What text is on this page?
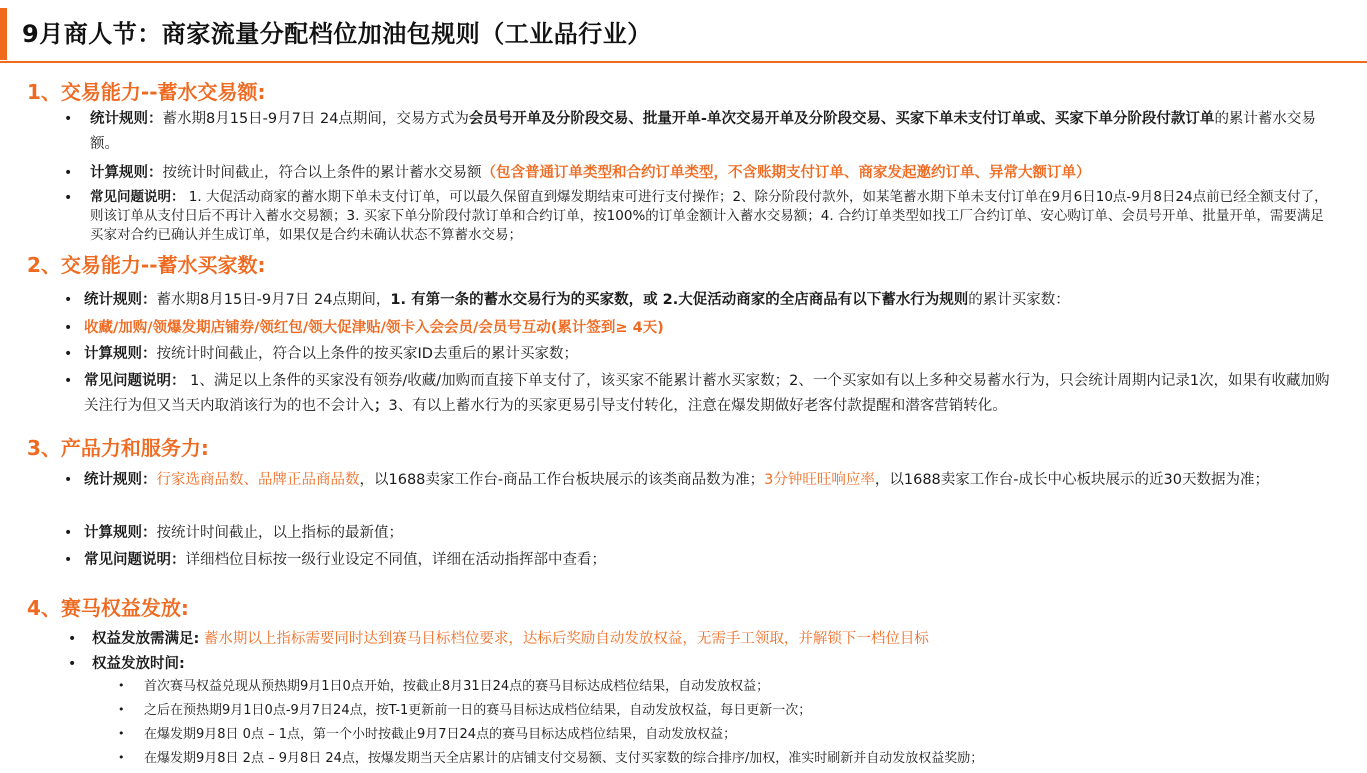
9月商人节：商家流量分配档位加油包规则（工业品行业）
1、交易能力--蓄水交易额:
• 统计规则：蓄水期8月15日-9月7日 24点期间，交易方式为会员号开单及分阶段交易、批量开单-单次交易开单及分阶段交易、买家下单未支付订单或、买家下单分阶段付款订单的累计蓄水交易额。
• 计算规则：按统计时间截止，符合以上条件的累计蓄水交易额（包含普通订单类型和合约订单类型，不含账期支付订单、商家发起邀约订单、异常大额订单）
• 常见问题说明： 1. 大促活动商家的蓄水期下单未支付订单，可以最久保留直到爆发期结束可进行支付操作；2、除分阶段付款外，如某笔蓄水期下单未支付订单在9月6日10点-9月8日24点前已经全额支付了，则该订单从支付日后不再计入蓄水交易额；3. 买家下单分阶段付款订单和合约订单，按100%的订单金额计入蓄水交易额；4. 合约订单类型如找工厂合约订单、安心购订单、会员号开单、批量开单，需要满足买家对合约已确认并生成订单，如果仅是合约未确认状态不算蓄水交易；
2、交易能力--蓄水买家数:
• 统计规则：蓄水期8月15日-9月7日 24点期间，1. 有第一条的蓄水交易行为的买家数，或 2.大促活动商家的全店商品有以下蓄水行为规则的累计买家数：
• 收藏/加购/领爆发期店铺券/领红包/领大促津贴/领卡入会会员/会员号互动(累计签到≥ 4天)
• 计算规则：按统计时间截止，符合以上条件的按买家ID去重后的累计买家数；
• 常见问题说明： 1、满足以上条件的买家没有领券/收藏/加购而直接下单支付了，该买家不能累计蓄水买家数；2、一个买家如有以上多种交易蓄水行为，只会统计周期内记录1次，如果有收藏加购关注行为但又当天内取消该行为的也不会计入；3、有以上蓄水行为的买家更易引导支付转化，注意在爆发期做好老客付款提醒和潜客营销转化。
3、产品力和服务力:
• 统计规则：行家选商品数、品牌正品商品数，以1688卖家工作台-商品工作台板块展示的该类商品数为准；3分钟旺旺响应率，以1688卖家工作台-成长中心板块展示的近30天数据为准；
• 计算规则：按统计时间截止，以上指标的最新值；
• 常见问题说明：详细档位目标按一级行业设定不同值，详细在活动指挥部中查看；
4、赛马权益发放:
• 权益发放需满足: 蓄水期以上指标需要同时达到赛马目标档位要求，达标后奖励自动发放权益，无需手工领取，并解锁下一档位目标
• 权益发放时间:
• 首次赛马权益兑现从预热期9月1日0点开始，按截止8月31日24点的赛马目标达成档位结果，自动发放权益；
• 之后在预热期9月1日0点-9月7日24点，按T-1更新前一日的赛马目标达成档位结果，自动发放权益，每日更新一次；
• 在爆发期9月8日 0点 – 1点，第一个小时按截止9月7日24点的赛马目标达成档位结果，自动发放权益；
• 在爆发期9月8日 2点 – 9月8日 24点，按爆发期当天全店累计的店铺支付交易额、支付买家数的综合排序/加权，准实时刷新并自动发放权益奖励；
